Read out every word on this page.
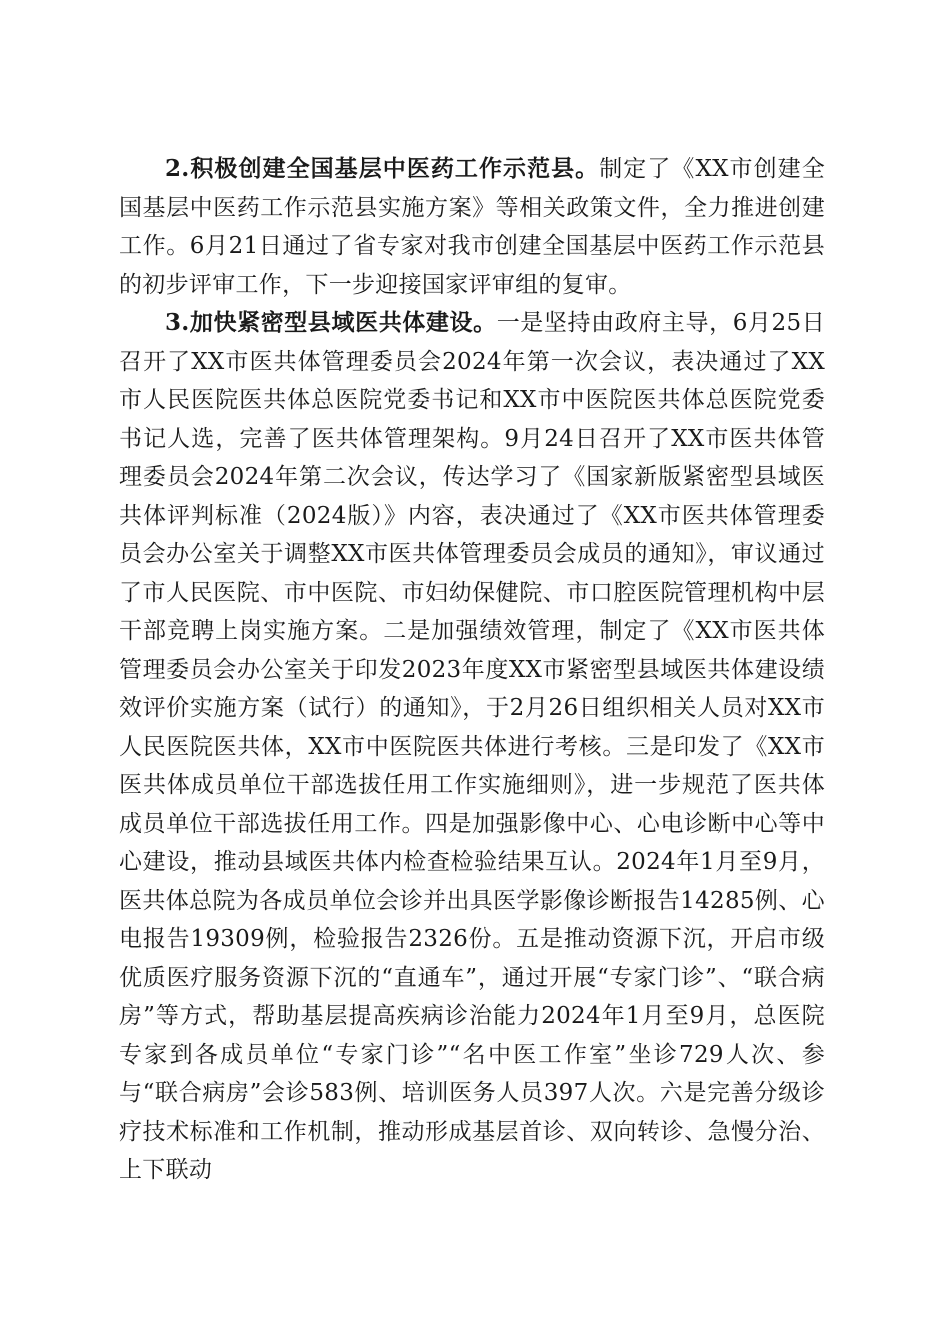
2.积极创建全国基层中医药工作示范县。制定了《XX市创建全国基层中医药工作示范县实施方案》等相关政策文件，全力推进创建工作。6月21日通过了省专家对我市创建全国基层中医药工作示范县的初步评审工作，下一步迎接国家评审组的复审。

3.加快紧密型县域医共体建设。一是坚持由政府主导，6月25日召开了XX市医共体管理委员会2024年第一次会议，表决通过了XX市人民医院医共体总医院党委书记和XX市中医院医共体总医院党委书记人选，完善了医共体管理架构。9月24日召开了XX市医共体管理委员会2024年第二次会议，传达学习了《国家新版紧密型县域医共体评判标准（2024版）》内容，表决通过了《XX市医共体管理委员会办公室关于调整XX市医共体管理委员会成员的通知》，审议通过了市人民医院、市中医院、市妇幼保健院、市口腔医院管理机构中层干部竞聘上岗实施方案。二是加强绩效管理，制定了《XX市医共体管理委员会办公室关于印发2023年度XX市紧密型县域医共体建设绩效评价实施方案（试行）的通知》，于2月26日组织相关人员对XX市人民医院医共体，XX市中医院医共体进行考核。三是印发了《XX市医共体成员单位干部选拔任用工作实施细则》，进一步规范了医共体成员单位干部选拔任用工作。四是加强影像中心、心电诊断中心等中心建设，推动县域医共体内检查检验结果互认。2024年1月至9月，医共体总院为各成员单位会诊并出具医学影像诊断报告14285例、心电报告19309例，检验报告2326份。五是推动资源下沉，开启市级优质医疗服务资源下沉的“直通车”，通过开展“专家门诊”、“联合病房”等方式，帮助基层提高疾病诊治能力2024年1月至9月，总医院专家到各成员单位“专家门诊”“名中医工作室”坐诊729人次、参与“联合病房”会诊583例、培训医务人员397人次。六是完善分级诊疗技术标准和工作机制，推动形成基层首诊、双向转诊、急慢分治、上下联动
